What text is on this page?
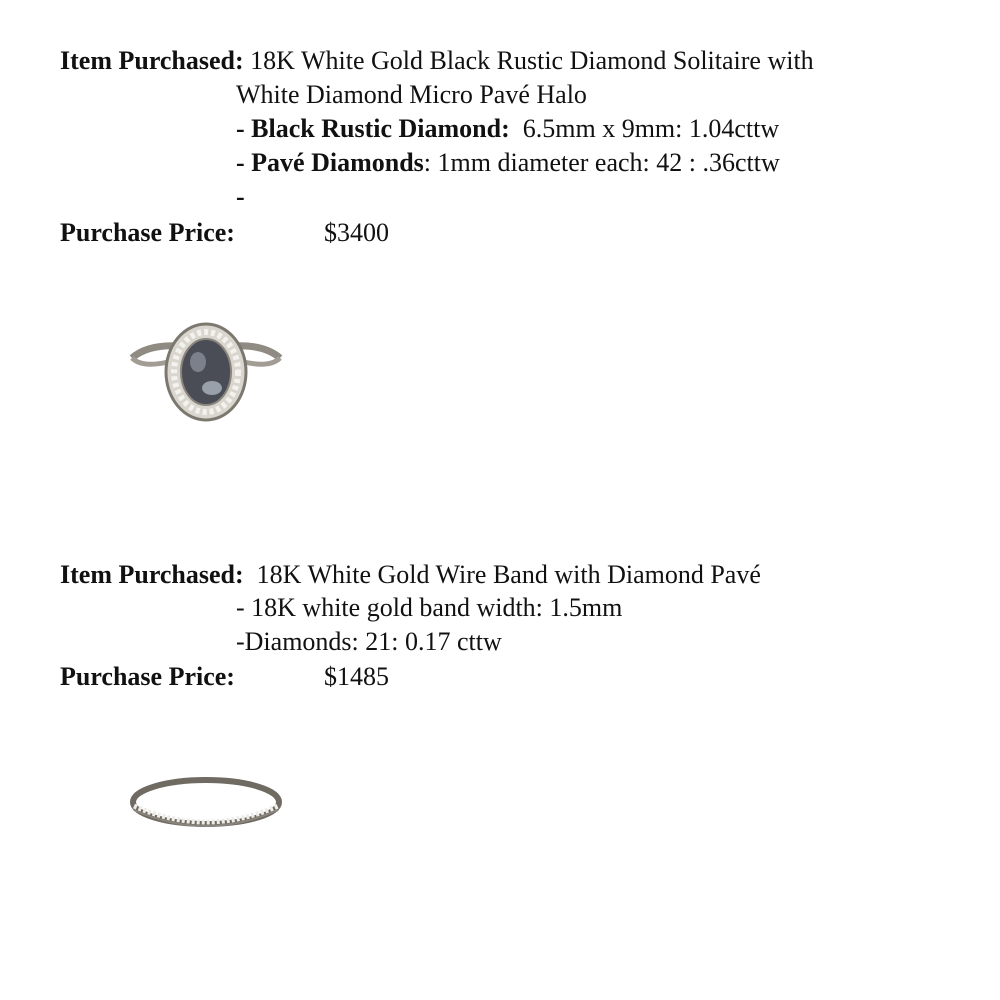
Item Purchased: 18K White Gold Black Rustic Diamond Solitaire with
White Diamond Micro Pavé Halo
- Black Rustic Diamond:  6.5mm x 9mm: 1.04cttw
- Pavé Diamonds: 1mm diameter each: 42 : .36cttw
-
Purchase Price:	$3400
Item Purchased:  18K White Gold Wire Band with Diamond Pavé
- 18K white gold band width: 1.5mm
-Diamonds: 21: 0.17 cttw
Purchase Price:	$1485
